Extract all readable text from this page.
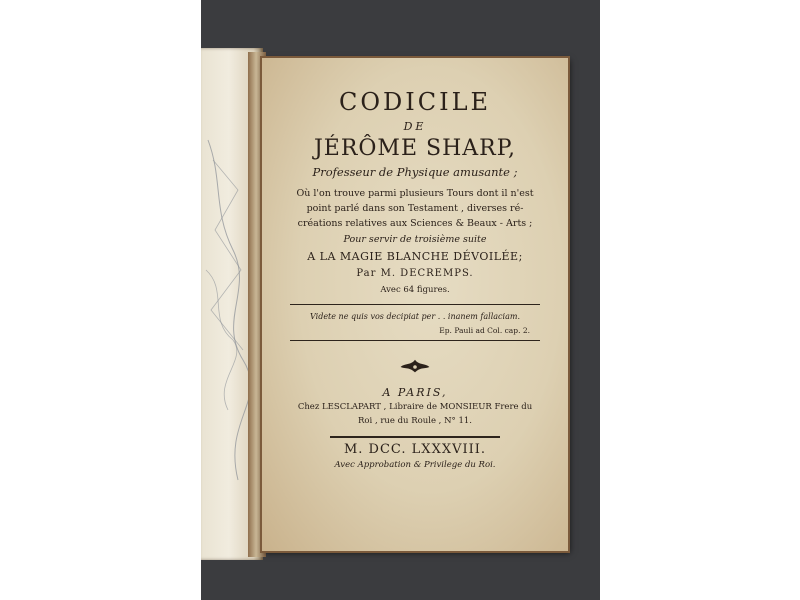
CODICILE
DE
JÉRÔME SHARP,
Professeur de Physique amusante ;
Où l'on trouve parmi plusieurs Tours dont il n'est
point parlé dans son Testament , diverses ré-
créations relatives aux Sciences & Beaux - Arts ;
Pour servir de troisième suite
A LA MAGIE BLANCHE DÉVOILÉE;
Par M. DECREMPS.
Avec 64 figures.
Videte ne quis vos decipiat per . . inanem fallaciam.
Ep. Pauli ad Col. cap. 2.
A PARIS,
Chez LESCLAPART , Libraire de MONSIEUR Frere du
Roi , rue du Roule , N° 11.
M. DCC. LXXXVIII.
Avec Approbation & Privilege du Roi.
